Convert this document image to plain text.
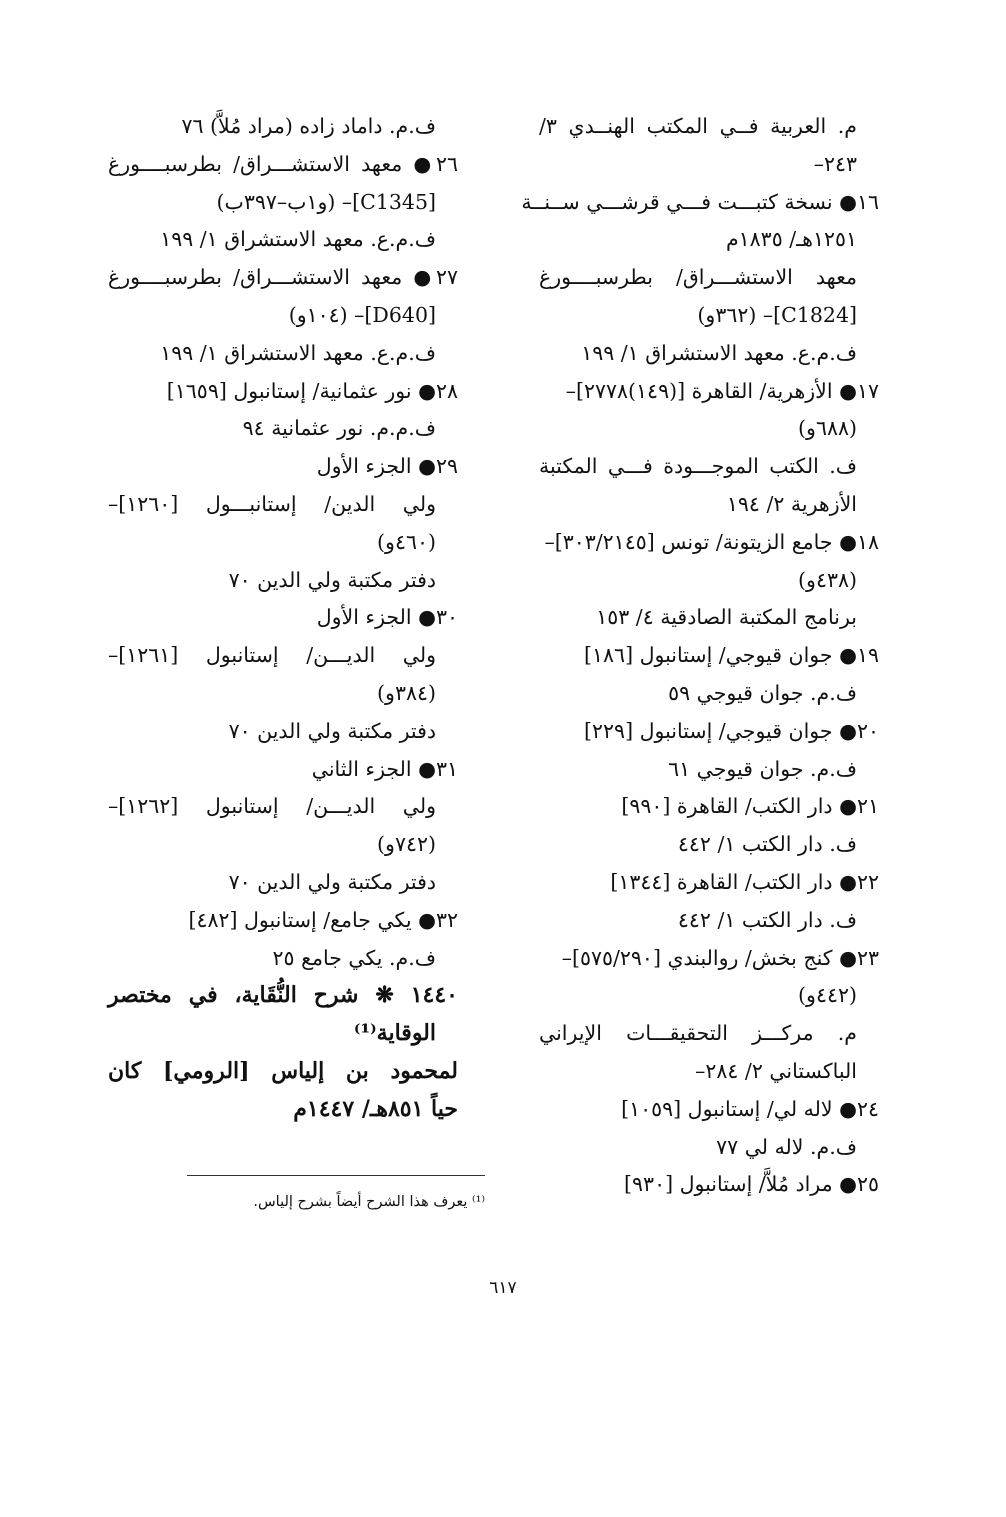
م. العربية فــي المكتب الهنــدي ٣/
٢٤٣–
١٦● نسخة كتبـــت فـــي قرشـــي ســنــة
١٢٥١هـ/ ١٨٣٥م
معهد الاستشـــراق/ بطرسبــــورغ
[C1824]– (٣٦٢و)
ف.م.ع. معهد الاستشراق ١/ ١٩٩
١٧● الأزهرية/ القاهرة [(١٤٩)٢٧٧٨]–
(٦٨٨و)
ف. الكتب الموجـــودة فـــي المكتبة
الأزهرية ٢/ ١٩٤
١٨● جامع الزيتونة/ تونس [٣٠٣/٢١٤٥]–
(٤٣٨و)
برنامج المكتبة الصادقية ٤/ ١٥٣
١٩● جوان قيوجي/ إستانبول [١٨٦]
ف.م. جوان قيوجي ٥٩
٢٠● جوان قيوجي/ إستانبول [٢٢٩]
ف.م. جوان قيوجي ٦١
٢١● دار الكتب/ القاهرة [٩٩٠]
ف. دار الكتب ١/ ٤٤٢
٢٢● دار الكتب/ القاهرة [١٣٤٤]
ف. دار الكتب ١/ ٤٤٢
٢٣● كنج بخش/ روالبندي [٥٧٥/٢٩٠]–
(٤٤٢و)
م. مركـــز التحقيقـــات الإيراني
الباكستاني ٢/ ٢٨٤–
٢٤● لاله لي/ إستانبول [١٠٥٩]
ف.م. لاله لي ٧٧
٢٥● مراد مُلاَّ/ إستانبول [٩٣٠]
ف.م. داماد زاده (مراد مُلاَّ) ٧٦
٢٦● معهد الاستشـــراق/ بطرسبــــورغ
[C1345]– (و١ب–٣٩٧ب)
ف.م.ع. معهد الاستشراق ١/ ١٩٩
٢٧● معهد الاستشـــراق/ بطرسبــــورغ
[D640]– (١٠٤و)
ف.م.ع. معهد الاستشراق ١/ ١٩٩
٢٨● نور عثمانية/ إستانبول [١٦٥٩]
ف.م.م. نور عثمانية ٩٤
٢٩● الجزء الأول
ولي الدين/ إستانبـــول [١٢٦٠]–
(٤٦٠و)
دفتر مكتبة ولي الدين ٧٠
٣٠● الجزء الأول
ولي الديـــن/ إستانبول [١٢٦١]–
(٣٨٤و)
دفتر مكتبة ولي الدين ٧٠
٣١● الجزء الثاني
ولي الديـــن/ إستانبول [١٢٦٢]–
(٧٤٢و)
دفتر مكتبة ولي الدين ٧٠
٣٢● يكي جامع/ إستانبول [٤٨٢]
ف.م. يكي جامع ٢٥
١٤٤٠ ❋ شرح النُّقَاية، في مختصر
الوقاية⁽¹⁾
لمحمود بن إلياس [الرومي] كان
حياً ٨٥١هـ/ ١٤٤٧م
⁽¹⁾ يعرف هذا الشرح أيضاً بشرح إلياس.
٦١٧
